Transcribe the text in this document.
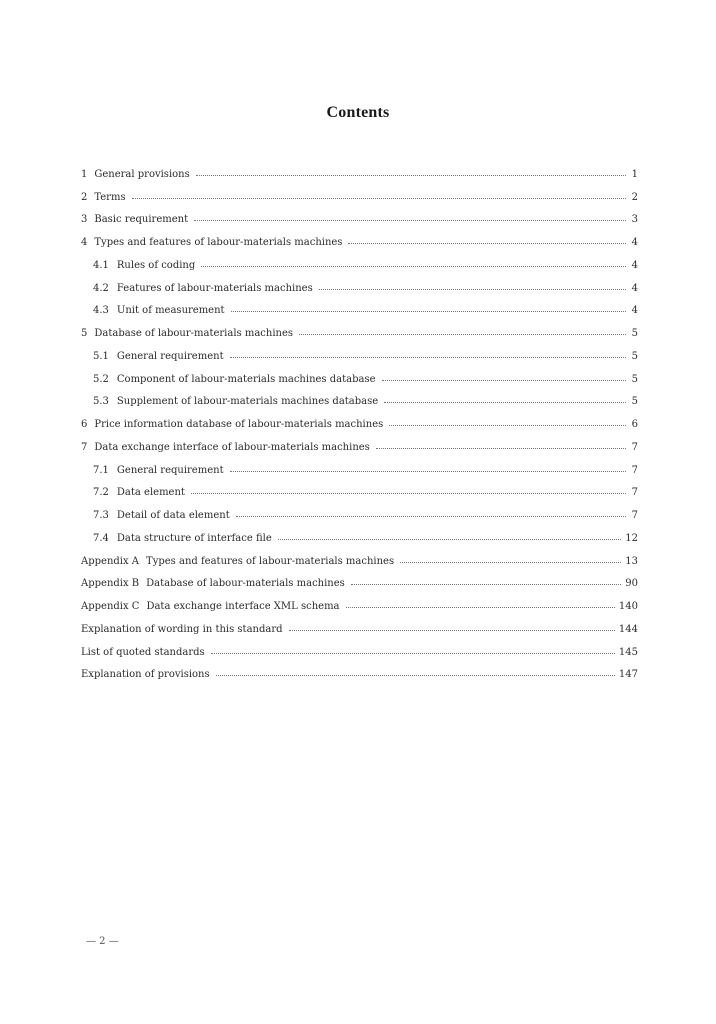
Contents
1 General provisions	1
2 Terms	2
3 Basic requirement	3
4 Types and features of labour-materials machines	4
4.1 Rules of coding	4
4.2 Features of labour-materials machines	4
4.3 Unit of measurement	4
5 Database of labour-materials machines	5
5.1 General requirement	5
5.2 Component of labour-materials machines database	5
5.3 Supplement of labour-materials machines database	5
6 Price information database of labour-materials machines	6
7 Data exchange interface of labour-materials machines	7
7.1 General requirement	7
7.2 Data element	7
7.3 Detail of data element	7
7.4 Data structure of interface file	12
Appendix A Types and features of labour-materials machines	13
Appendix B Database of labour-materials machines	90
Appendix C Data exchange interface XML schema	140
Explanation of wording in this standard	144
List of quoted standards	145
Explanation of provisions	147
— 2 —
